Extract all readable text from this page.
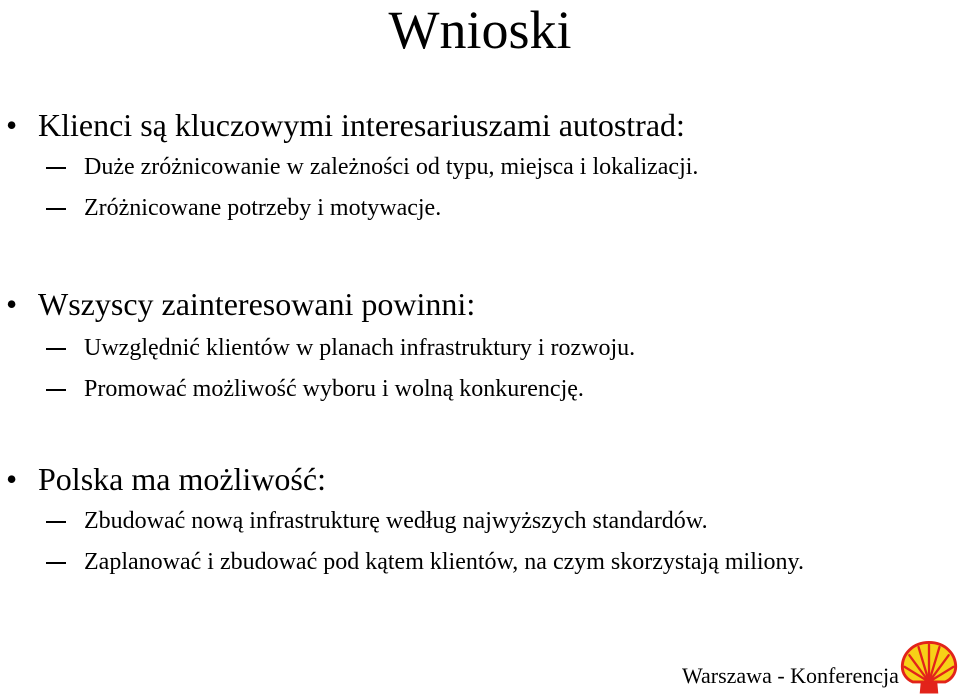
Wnioski
• Klienci są kluczowymi interesariuszami autostrad:
Duże zróżnicowanie w zależności od typu, miejsca i lokalizacji.
Zróżnicowane potrzeby i motywacje.
• Wszyscy zainteresowani powinni:
Uwzględnić klientów w planach infrastruktury i rozwoju.
Promować możliwość wyboru i wolną konkurencję.
• Polska ma możliwość:
Zbudować nową infrastrukturę według najwyższych standardów.
Zaplanować i zbudować pod kątem klientów, na czym skorzystają miliony.
Warszawa - Konferencja
